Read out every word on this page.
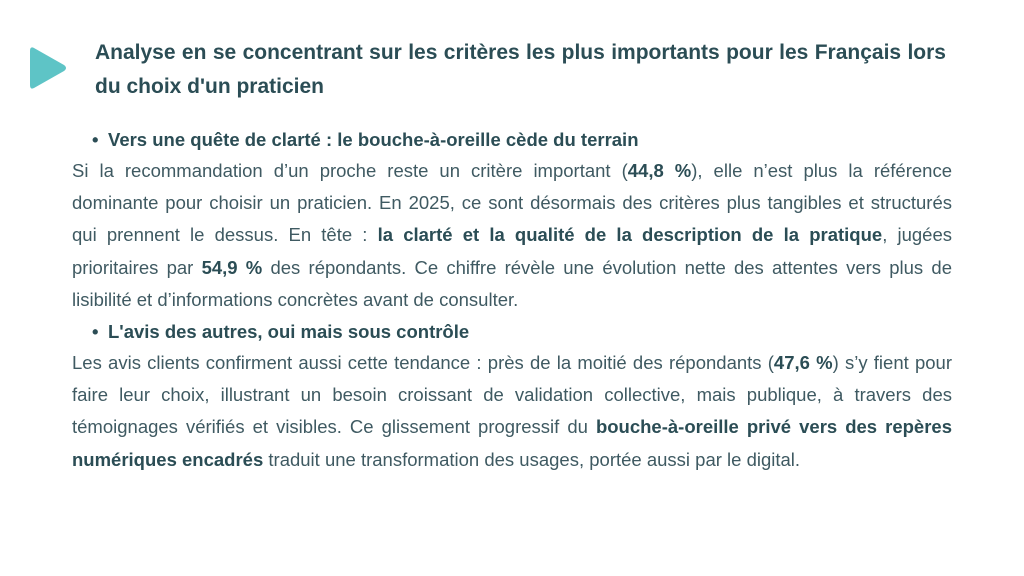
Analyse en se concentrant sur les critères les plus importants pour les Français lors du choix d'un praticien
• Vers une quête de clarté : le bouche-à-oreille cède du terrain

Si la recommandation d’un proche reste un critère important (44,8 %), elle n’est plus la référence dominante pour choisir un praticien. En 2025, ce sont désormais des critères plus tangibles et structurés qui prennent le dessus. En tête : la clarté et la qualité de la description de la pratique, jugées prioritaires par 54,9 % des répondants. Ce chiffre révèle une évolution nette des attentes vers plus de lisibilité et d’informations concrètes avant de consulter.

• L'avis des autres, oui mais sous contrôle

Les avis clients confirment aussi cette tendance : près de la moitié des répondants (47,6 %) s’y fient pour faire leur choix, illustrant un besoin croissant de validation collective, mais publique, à travers des témoignages vérifiés et visibles. Ce glissement progressif du bouche-à-oreille privé vers des repères numériques encadrés traduit une transformation des usages, portée aussi par le digital.
